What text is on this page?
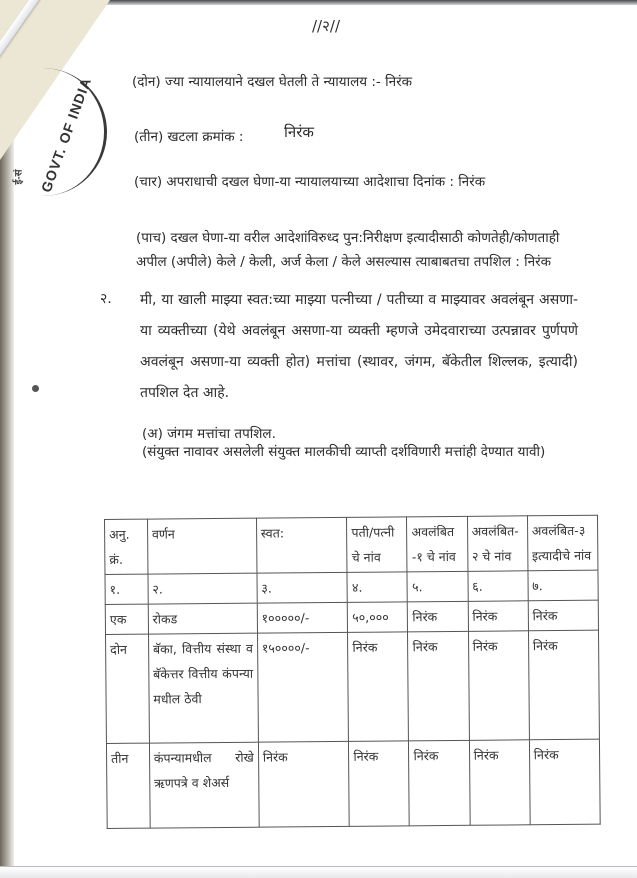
GOVT. OF INDIA
ई-सं
//२//
(दोन) ज्या न्यायालयाने दखल घेतली ते न्यायालय :- निरंक
(तीन) खटला क्रमांक :	निरंक
(चार) अपराधाची दखल घेणा-या न्यायालयाच्या आदेशाचा दिनांक : निरंक
(पाच) दखल घेणा-या वरील आदेशांविरुध्द पुन:निरीक्षण इत्यादीसाठी कोणतेही/कोणताही
अपील (अपीले) केले / केली, अर्ज केला / केले असल्यास त्याबाबतचा तपशिल : निरंक
२. मी, या खाली माझ्या स्वत:च्या माझ्या पत्नीच्या / पतीच्या व माझ्यावर अवलंबून असणा-या व्यक्तीच्या (येथे अवलंबून असणा-या व्यक्ती म्हणजे उमेदवाराच्या उत्पन्नावर पुर्णपणे अवलंबून असणा-या व्यक्ती होत) मत्तांचा (स्थावर, जंगम, बॅकेतील शिल्लक, इत्यादी) तपशिल देत आहे.
(अ) जंगम मत्तांचा तपशिल.
(संयुक्त नावावर असलेली संयुक्त मालकीची व्याप्ती दर्शविणारी मत्तांही देण्यात यावी)
अनु. क्रं.	वर्णन	स्वत:	पती/पत्नी चे नांव	अवलंबित -१ चे नांव	अवलंबित- २ चे नांव	अवलंबित-३ इत्यादीचे नांव
१.	२.	३.	४.	५.	६.	७.
एक	रोकड	१०००००/-	५०,०००	निरंक	निरंक	निरंक
दोन	बॅका, वित्तीय संस्था व बॅकेत्तर वित्तीय कंपन्या मधील ठेवी	१५००००/-	निरंक	निरंक	निरंक	निरंक
तीन	कंपन्यामधील रोखे ऋणपत्रे व शेअर्स	निरंक	निरंक	निरंक	निरंक	निरंक
